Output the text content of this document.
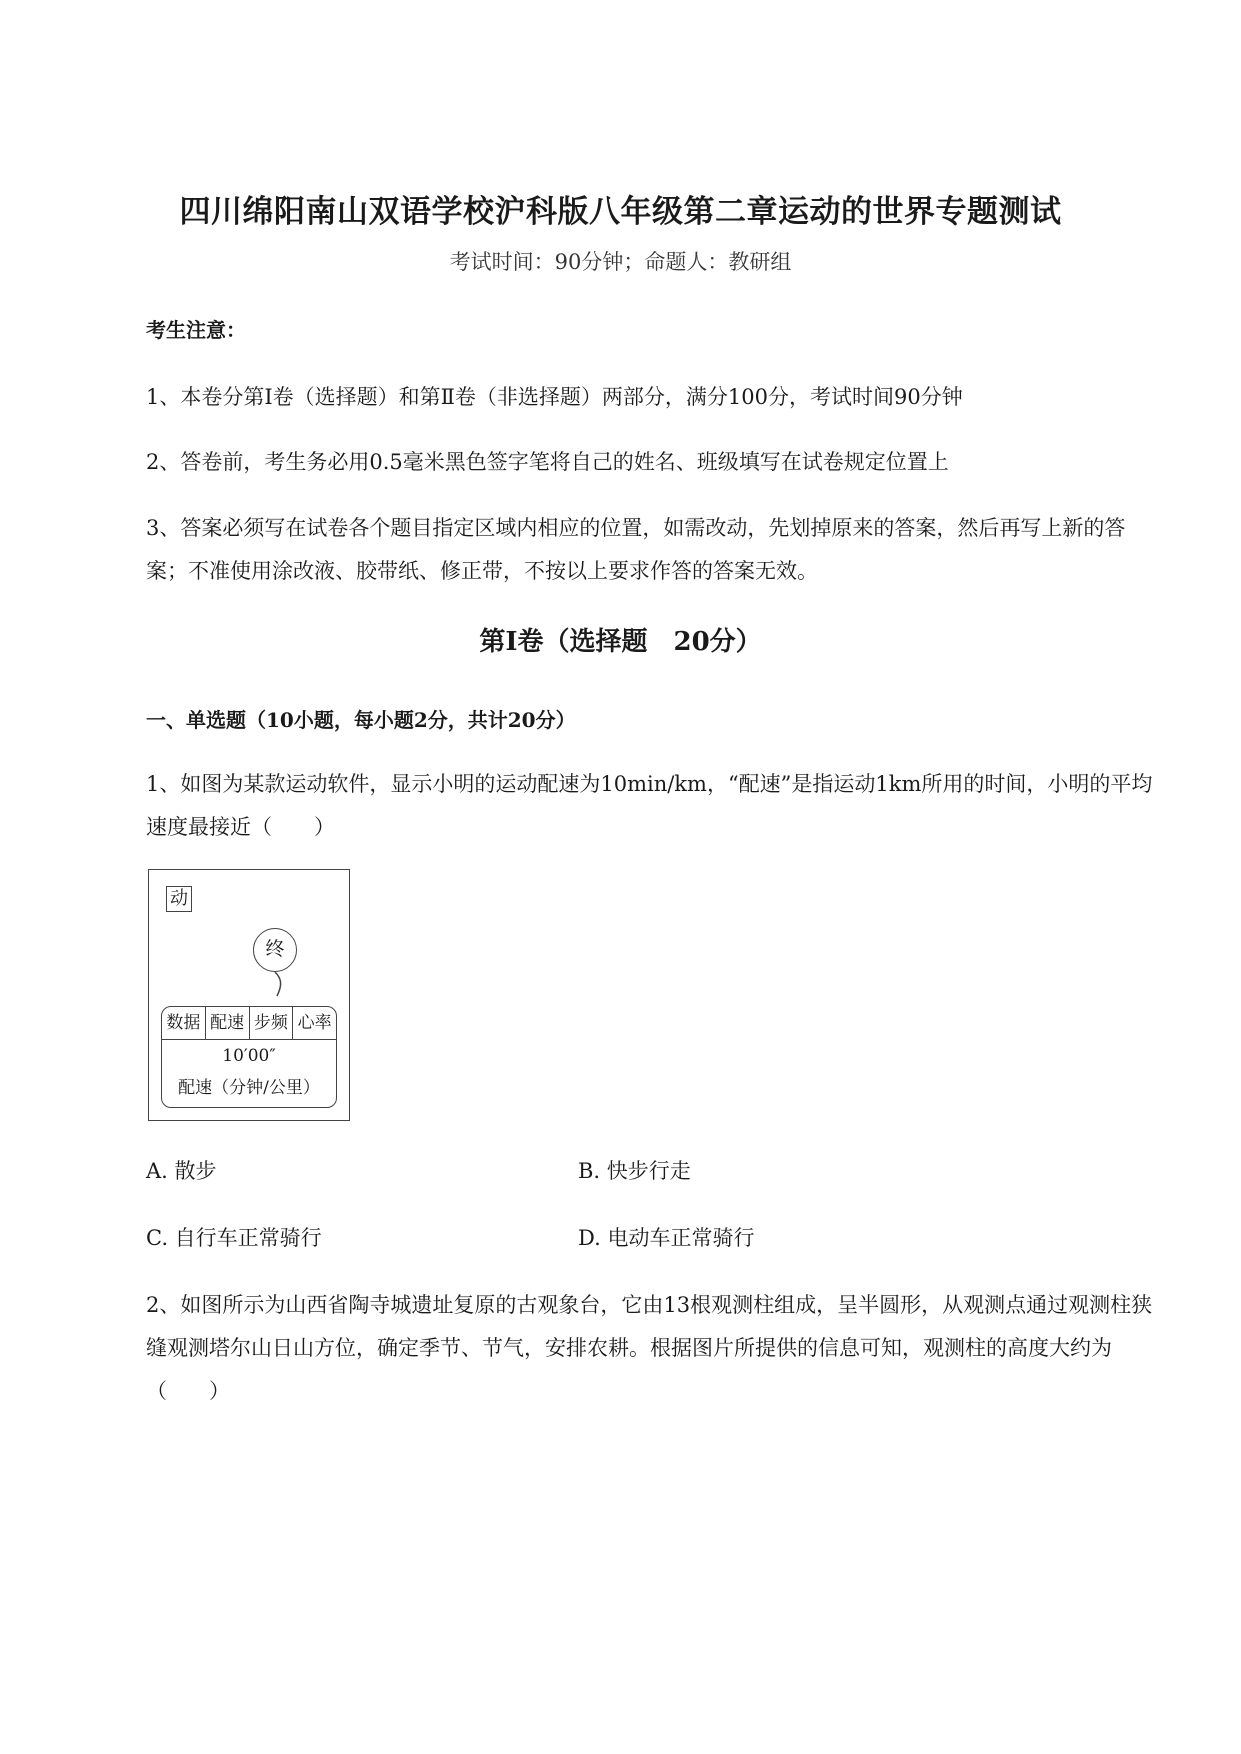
四川绵阳南山双语学校沪科版八年级第二章运动的世界专题测试
考试时间：90分钟；命题人：教研组
考生注意：
1、本卷分第I卷（选择题）和第Ⅱ卷（非选择题）两部分，满分100分，考试时间90分钟
2、答卷前，考生务必用0.5毫米黑色签字笔将自己的姓名、班级填写在试卷规定位置上
3、答案必须写在试卷各个题目指定区域内相应的位置，如需改动，先划掉原来的答案，然后再写上新的答案；不准使用涂改液、胶带纸、修正带，不按以上要求作答的答案无效。
第I卷（选择题　20分）
一、单选题（10小题，每小题2分，共计20分）
1、如图为某款运动软件，显示小明的运动配速为10min/km，“配速”是指运动1km所用的时间，小明的平均速度最接近（　　）
动
终
数据 配速 步频 心率
10′00″
配速（分钟/公里）
A. 散步	B. 快步行走
C. 自行车正常骑行	D. 电动车正常骑行
2、如图所示为山西省陶寺城遗址复原的古观象台，它由13根观测柱组成，呈半圆形，从观测点通过观测柱狭缝观测塔尔山日山方位，确定季节、节气，安排农耕。根据图片所提供的信息可知，观测柱的高度大约为（　　）
